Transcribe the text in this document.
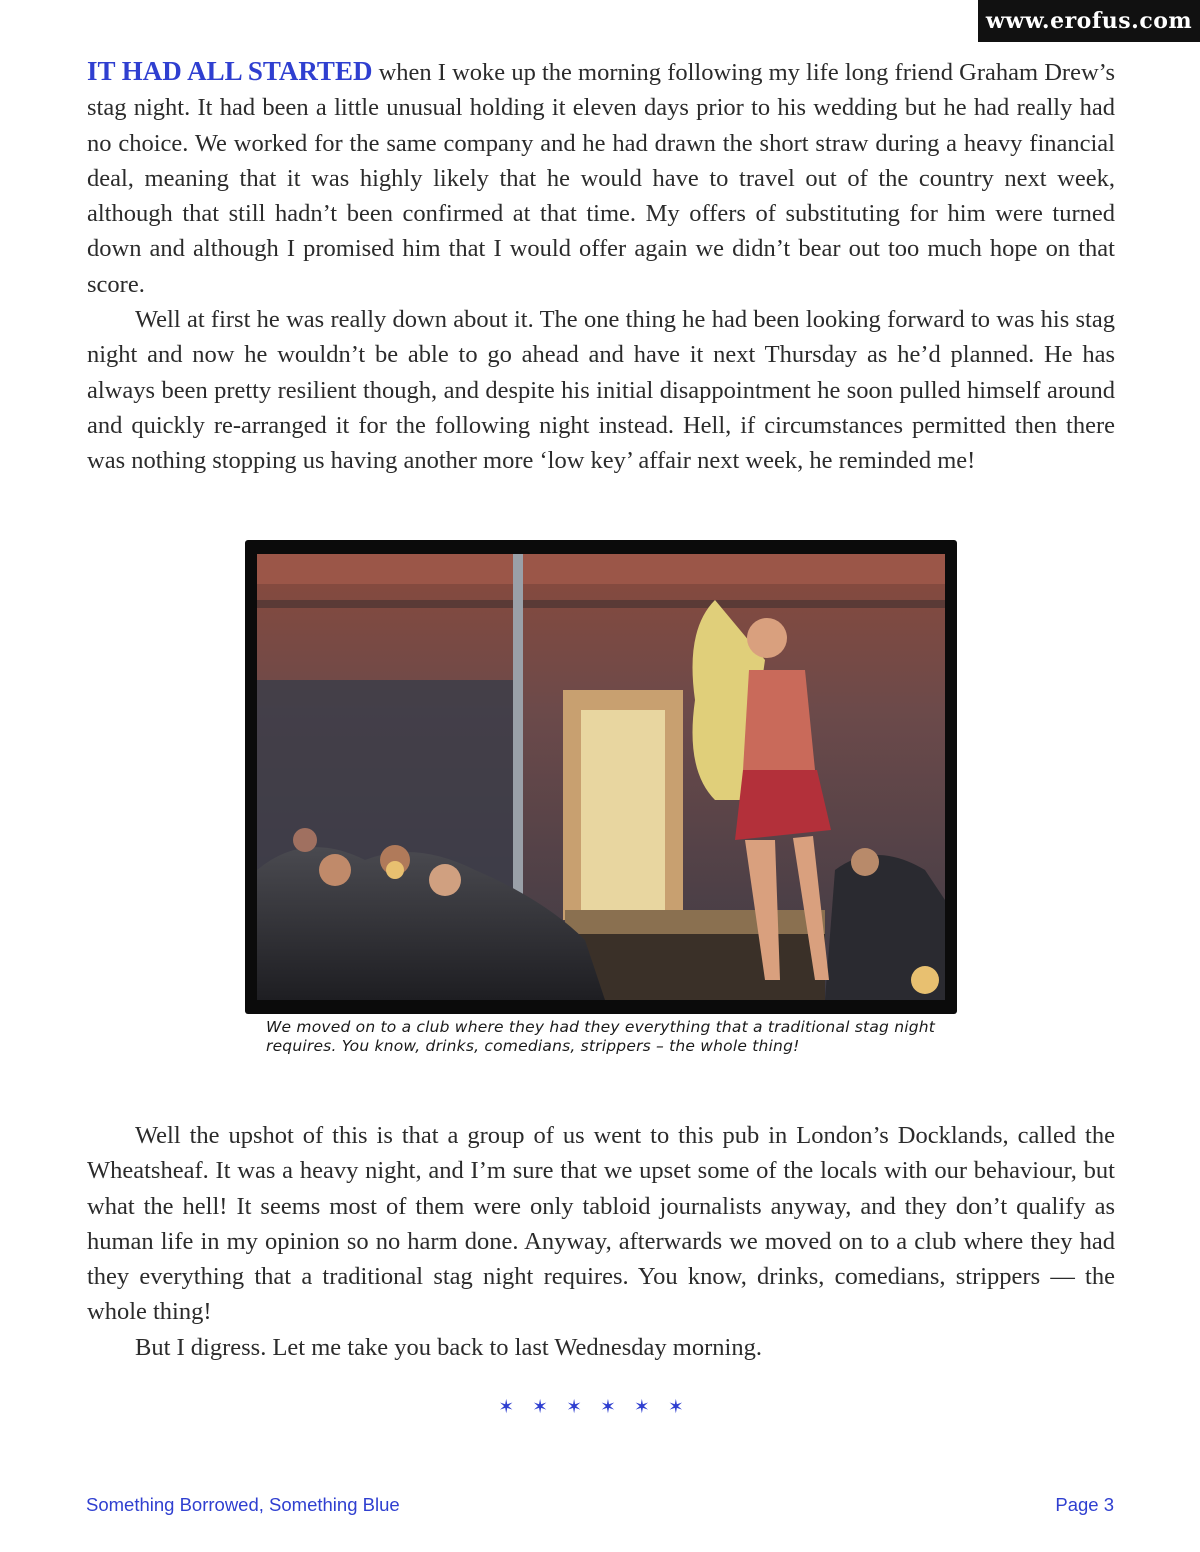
www.erofus.com

IT HAD ALL STARTED when I woke up the morning following my life long friend Graham Drew’s stag night. It had been a little unusual holding it eleven days prior to his wedding but he had really had no choice. We worked for the same company and he had drawn the short straw during a heavy financial deal, meaning that it was highly likely that he would have to travel out of the country next week, although that still hadn’t been confirmed at that time. My offers of substituting for him were turned down and although I promised him that I would offer again we didn’t bear out too much hope on that score.

Well at first he was really down about it. The one thing he had been looking forward to was his stag night and now he wouldn’t be able to go ahead and have it next Thursday as he’d planned. He has always been pretty resilient though, and despite his initial disappointment he soon pulled himself around and quickly re-arranged it for the following night instead. Hell, if circumstances permitted then there was nothing stopping us having another more ‘low key’ affair next week, he reminded me!

We moved on to a club where they had they everything that a traditional stag night requires. You know, drinks, comedians, strippers – the whole thing!

Well the upshot of this is that a group of us went to this pub in London’s Docklands, called the Wheatsheaf. It was a heavy night, and I’m sure that we upset some of the locals with our behaviour, but what the hell! It seems most of them were only tabloid journalists anyway, and they don’t qualify as human life in my opinion so no harm done. Anyway, afterwards we moved on to a club where they had they everything that a traditional stag night requires. You know, drinks, comedians, strippers — the whole thing!

But I digress. Let me take you back to last Wednesday morning.

✶✶✶✶✶✶
Something Borrowed, Something Blue	Page 3
